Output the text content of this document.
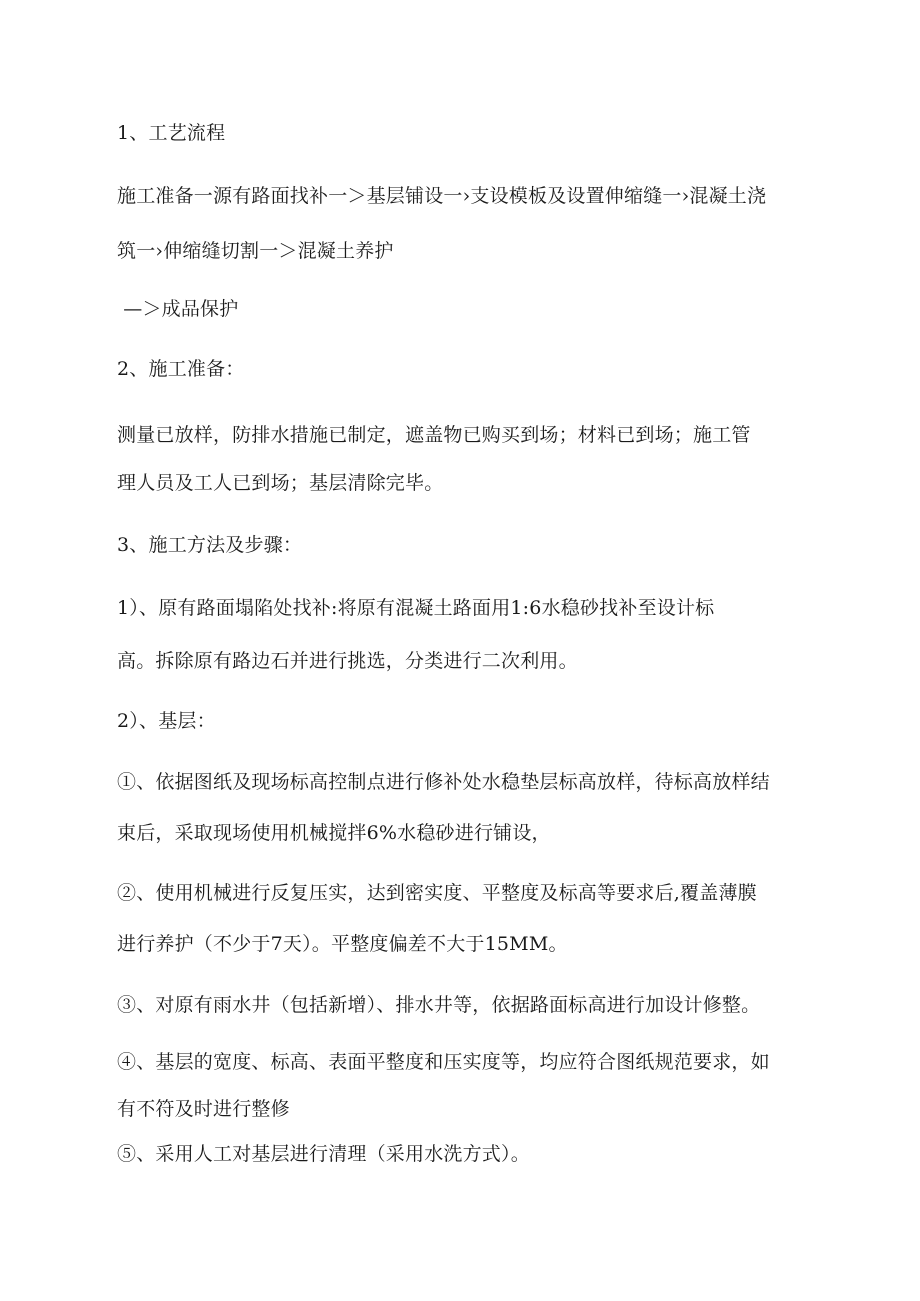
1、工艺流程
施工准备一源有路面找补一＞基层铺设一›支设模板及设置伸缩缝一›混凝土浇
筑一›伸缩缝切割一＞混凝土养护
—＞成品保护
2、施工准备：
测量已放样，防排水措施已制定，遮盖物已购买到场；材料已到场；施工管
理人员及工人已到场；基层清除完毕。
3、施工方法及步骤：
1）、原有路面塌陷处找补:将原有混凝土路面用1:6水稳砂找补至设计标
高。拆除原有路边石并进行挑选，分类进行二次利用。
2）、基层：
①、依据图纸及现场标高控制点进行修补处水稳垫层标高放样，待标高放样结
束后，采取现场使用机械搅拌6%水稳砂进行铺设，
②、使用机械进行反复压实，达到密实度、平整度及标高等要求后,覆盖薄膜
进行养护（不少于7天）。平整度偏差不大于15MM。
③、对原有雨水井（包括新增）、排水井等，依据路面标高进行加设计修整。
④、基层的宽度、标高、表面平整度和压实度等，均应符合图纸规范要求，如
有不符及时进行整修
⑤、采用人工对基层进行清理（采用水洗方式）。
